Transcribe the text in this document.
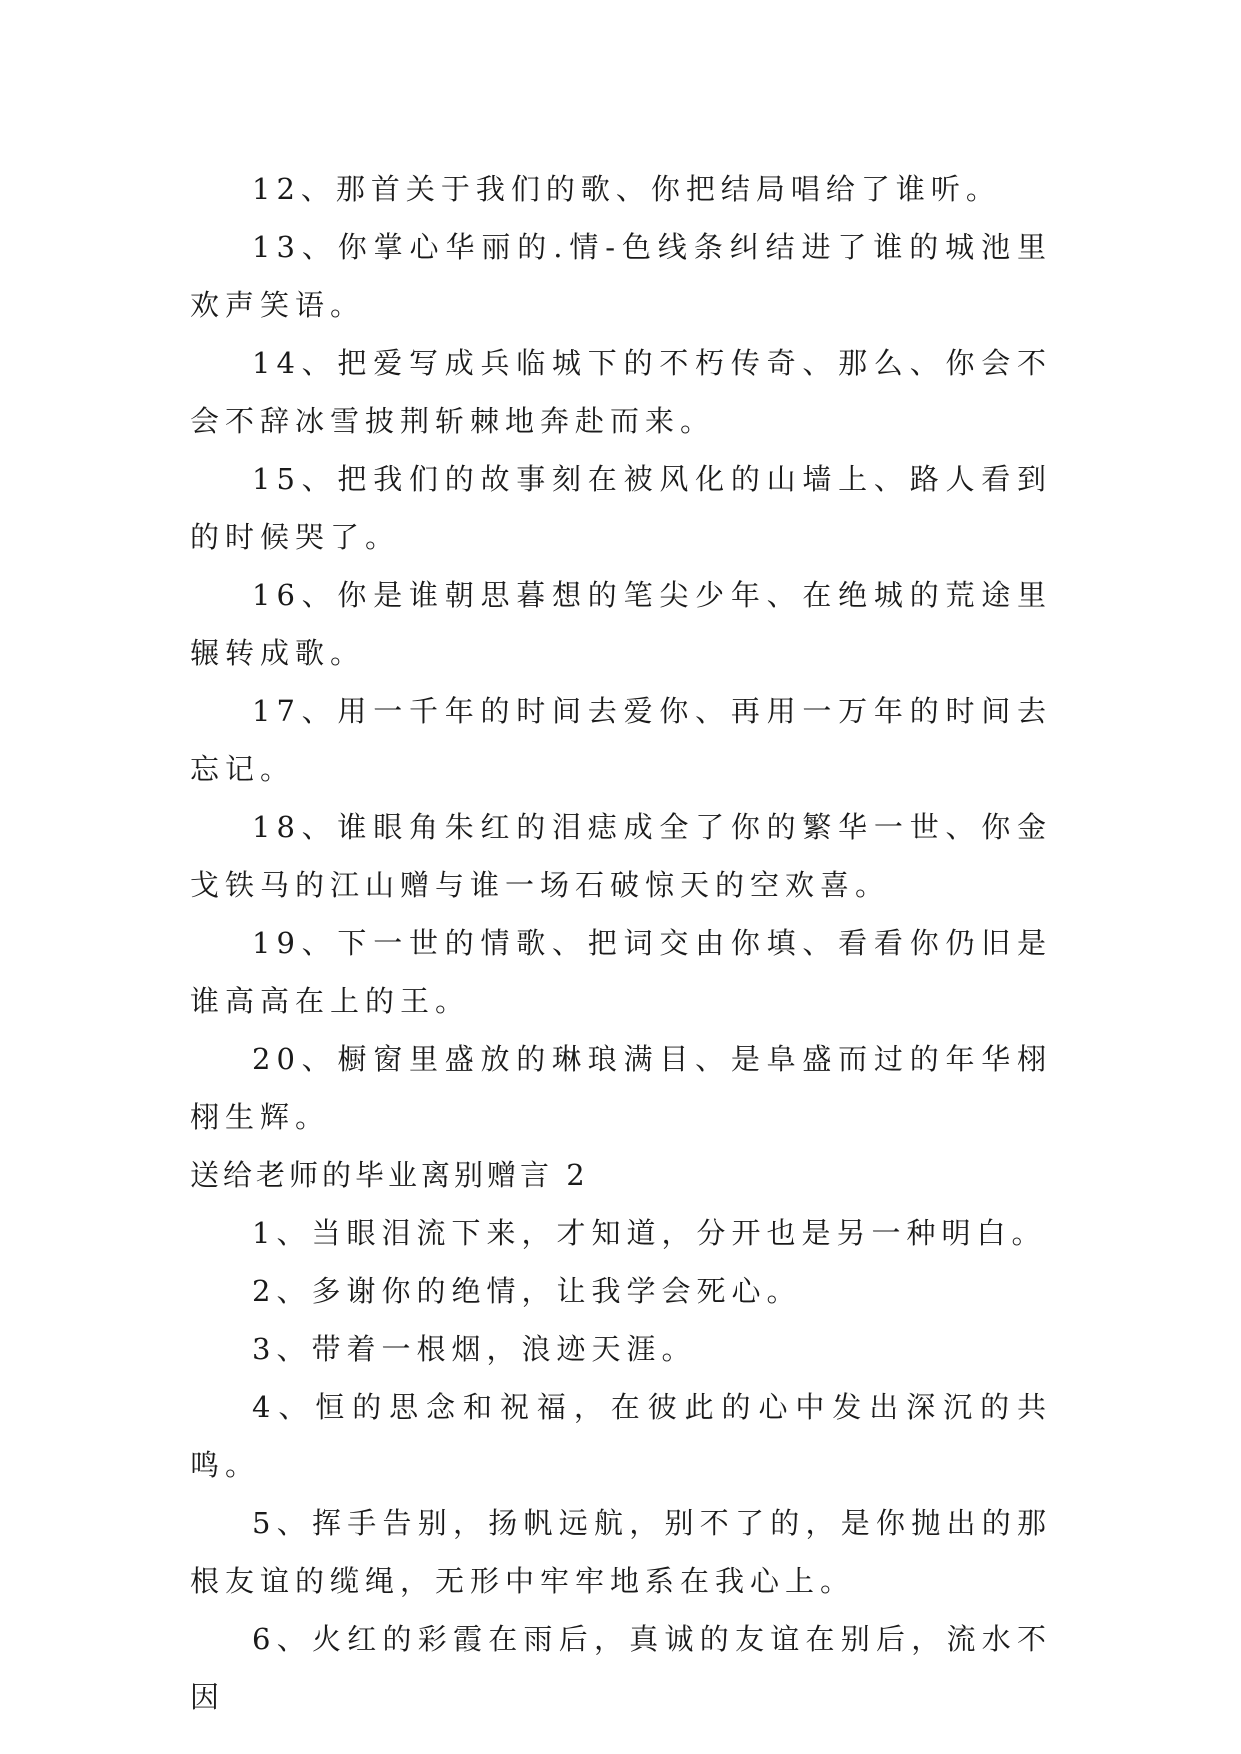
12、那首关于我们的歌、你把结局唱给了谁听。

13、你掌心华丽的.情-色线条纠结进了谁的城池里欢声笑语。

14、把爱写成兵临城下的不朽传奇、那么、你会不会不辞冰雪披荆斩棘地奔赴而来。

15、把我们的故事刻在被风化的山墙上、路人看到的时候哭了。

16、你是谁朝思暮想的笔尖少年、在绝城的荒途里辗转成歌。

17、用一千年的时间去爱你、再用一万年的时间去忘记。

18、谁眼角朱红的泪痣成全了你的繁华一世、你金戈铁马的江山赠与谁一场石破惊天的空欢喜。

19、下一世的情歌、把词交由你填、看看你仍旧是谁高高在上的王。

20、橱窗里盛放的琳琅满目、是阜盛而过的年华栩栩生辉。

送给老师的毕业离别赠言 2

1、当眼泪流下来，才知道，分开也是另一种明白。

2、多谢你的绝情，让我学会死心。

3、带着一根烟，浪迹天涯。

4、恒的思念和祝福，在彼此的心中发出深沉的共鸣。

5、挥手告别，扬帆远航，别不了的，是你抛出的那根友谊的缆绳，无形中牢牢地系在我心上。

6、火红的彩霞在雨后，真诚的友谊在别后，流水不因
